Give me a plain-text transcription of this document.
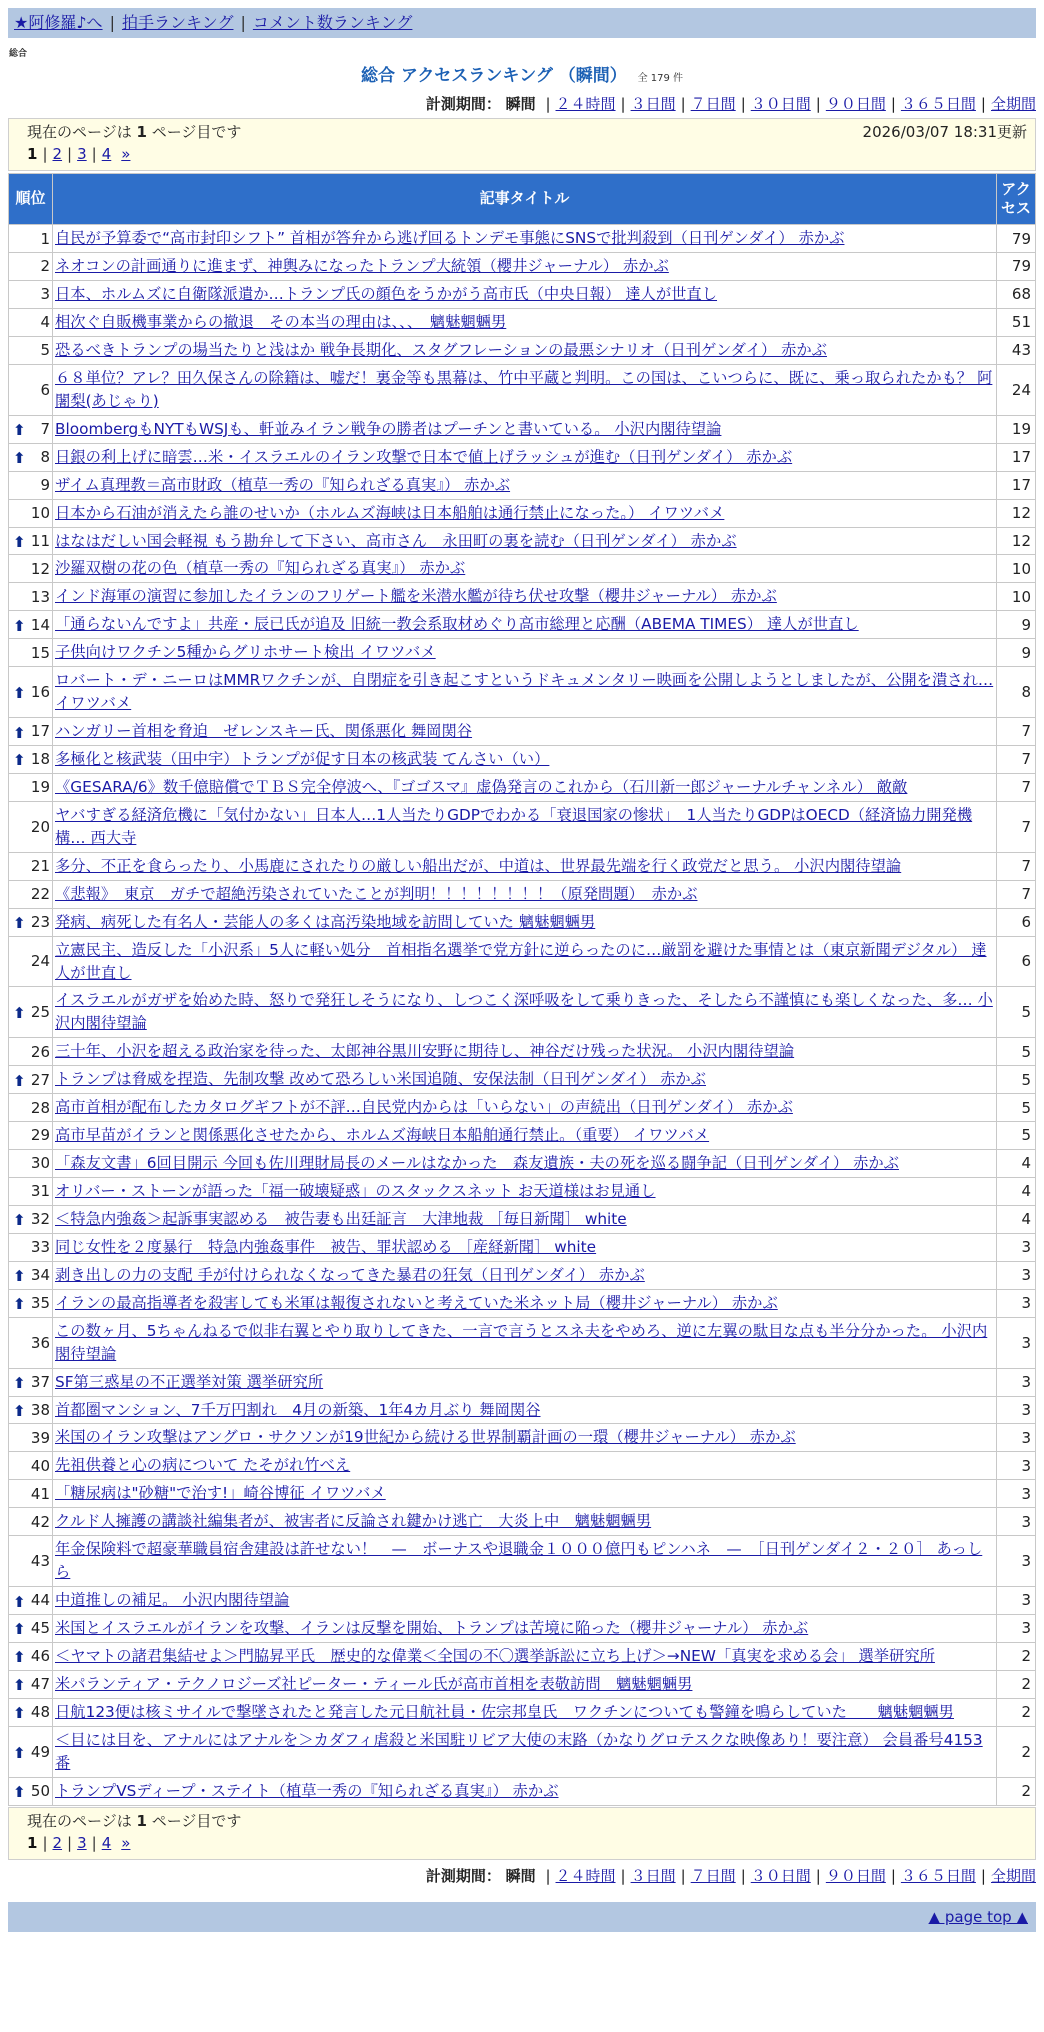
★阿修羅♪へ | 拍手ランキング | コメント数ランキング
総合
総合 アクセスランキング （瞬間） 全 179 件
計測期間： 瞬間 | ２４時間 | ３日間 | ７日間 | ３０日間 | ９０日間 | ３６５日間 | 全期間
現在のページは 1 ページ目です	2026/03/07 18:31更新
1 | 2 | 3 | 4 »
順位	記事タイトル	アクセス
1	自民が予算委で“高市封印シフト” 首相が答弁から逃げ回るトンデモ事態にSNSで批判殺到（日刊ゲンダイ） 赤かぶ	79
2	ネオコンの計画通りに進まず、神輿みになったトランプ大統領（櫻井ジャーナル） 赤かぶ	79
3	日本、ホルムズに自衛隊派遣か…トランプ氏の顔色をうかがう高市氏（中央日報） 達人が世直し	68
4	相次ぐ自販機事業からの撤退　その本当の理由は、、、　魑魅魍魎男	51
5	恐るべきトランプの場当たりと浅はか 戦争長期化、スタグフレーションの最悪シナリオ（日刊ゲンダイ） 赤かぶ	43
6	６８単位？アレ？田久保さんの除籍は、嘘だ！裏金等も黒幕は、竹中平蔵と判明。この国は、こいつらに、既に、乗っ取られたかも？ 阿闍梨(あじゃり)	24

⬆ 7	BloombergもNYTもWSJも、軒並みイラン戦争の勝者はプーチンと書いている。 小沢内閣待望論	19

⬆ 8	日銀の利上げに暗雲…米・イスラエルのイラン攻撃で日本で値上げラッシュが進む（日刊ゲンダイ） 赤かぶ	17
9	ザイム真理教＝高市財政（植草一秀の『知られざる真実』） 赤かぶ	17
10	日本から石油が消えたら誰のせいか（ホルムズ海峡は日本船舶は通行禁止になった。） イワツバメ	12

⬆ 11	はなはだしい国会軽視 もう勘弁して下さい、高市さん　永田町の裏を読む（日刊ゲンダイ） 赤かぶ	12
12	沙羅双樹の花の色（植草一秀の『知られざる真実』） 赤かぶ	10
13	インド海軍の演習に参加したイランのフリゲート艦を米潜水艦が待ち伏せ攻撃（櫻井ジャーナル） 赤かぶ	10

⬆ 14	「通らないんですよ」共産・辰已氏が追及 旧統一教会系取材めぐり高市総理と応酬（ABEMA TIMES） 達人が世直し	9
15	子供向けワクチン5種からグリホサート検出 イワツバメ	9

⬆ 16	ロバート・デ・ニーロはMMRワクチンが、自閉症を引き起こすというドキュメンタリー映画を公開しようとしましたが、公開を潰され… イワツバメ	8

⬆ 17	ハンガリー首相を脅迫　ゼレンスキー氏、関係悪化 舞岡関谷	7

⬆ 18	多極化と核武装（田中宇）トランプが促す日本の核武装 てんさい（い）	7
19	《GESARA/6》数千億賠償でＴＢＳ完全停波へ、『ゴゴスマ』虚偽発言のこれから（石川新一郎ジャーナルチャンネル） 敵敵	7
20	ヤバすぎる経済危機に「気付かない」日本人…1人当たりGDPでわかる「衰退国家の惨状」　1人当たりGDPはOECD（経済協力開発機構… 西大寺	7
21	多分、不正を食らったり、小馬鹿にされたりの厳しい船出だが、中道は、世界最先端を行く政党だと思う。 小沢内閣待望論	7
22	《悲報》　東京　ガチで超絶汚染されていたことが判明！！！！！！！！（原発問題）　赤かぶ	7

⬆ 23	発病、病死した有名人・芸能人の多くは高汚染地域を訪問していた 魑魅魍魎男	6
24	立憲民主、造反した「小沢系」5人に軽い処分　首相指名選挙で党方針に逆らったのに…厳罰を避けた事情とは（東京新聞デジタル） 達人が世直し	6

⬆ 25	イスラエルがガザを始めた時、怒りで発狂しそうになり、しつこく深呼吸をして乗りきった、そしたら不謹慎にも楽しくなった、多… 小沢内閣待望論	5
26	三十年、小沢を超える政治家を待った、太郎神谷黒川安野に期待し、神谷だけ残った状況。 小沢内閣待望論	5

⬆ 27	トランプは脅威を捏造、先制攻撃 改めて恐ろしい米国追随、安保法制（日刊ゲンダイ） 赤かぶ	5
28	高市首相が配布したカタログギフトが不評…自民党内からは「いらない」の声続出（日刊ゲンダイ） 赤かぶ	5
29	高市早苗がイランと関係悪化させたから、ホルムズ海峡日本船舶通行禁止。（重要） イワツバメ	5
30	「森友文書」6回目開示 今回も佐川理財局長のメールはなかった　森友遺族・夫の死を巡る闘争記（日刊ゲンダイ） 赤かぶ	4
31	オリバー・ストーンが語った「福一破壊疑惑」のスタックスネット お天道様はお見通し	4

⬆ 32	＜特急内強姦＞起訴事実認める　被告妻も出廷証言　大津地裁 ［毎日新聞］ white	4
33	同じ女性を２度暴行　特急内強姦事件　被告、罪状認める ［産経新聞］ white	3

⬆ 34	剥き出しの力の支配 手が付けられなくなってきた暴君の狂気（日刊ゲンダイ） 赤かぶ	3

⬆ 35	イランの最高指導者を殺害しても米軍は報復されないと考えていた米ネット局（櫻井ジャーナル） 赤かぶ	3
36	この数ヶ月、5ちゃんねるで似非右翼とやり取りしてきた、一言で言うとスネ夫をやめろ、逆に左翼の駄目な点も半分分かった。 小沢内閣待望論	3

⬆ 37	SF第三惑星の不正選挙対策 選挙研究所	3

⬆ 38	首都圏マンション、7千万円割れ　4月の新築、1年4カ月ぶり 舞岡関谷	3
39	米国のイラン攻撃はアングロ・サクソンが19世紀から続ける世界制覇計画の一環（櫻井ジャーナル） 赤かぶ	3
40	先祖供養と心の病について たそがれ竹べえ	3
41	「糖尿病は"砂糖"で治す!」崎谷博征 イワツバメ	3
42	クルド人擁護の講談社編集者が、被害者に反論され鍵かけ逃亡　大炎上中　魑魅魍魎男	3
43	年金保険料で超豪華職員宿舎建設は許せない！　—　ボーナスや退職金１０００億円もピンハネ　—　［日刊ゲンダイ２・２０］ あっしら	3

⬆ 44	中道推しの補足。 小沢内閣待望論	3

⬆ 45	米国とイスラエルがイランを攻撃、イランは反撃を開始、トランプは苦境に陥った（櫻井ジャーナル） 赤かぶ	3

⬆ 46	＜ヤマトの諸君集結せよ＞門脇昇平氏　歴史的な偉業＜全国の不〇選挙訴訟に立ち上げ＞→NEW「真実を求める会」 選挙研究所	2

⬆ 47	米パランティア・テクノロジーズ社ピーター・ティール氏が高市首相を表敬訪問　魑魅魍魎男	2

⬆ 48	日航123便は核ミサイルで撃墜されたと発言した元日航社員・佐宗邦皇氏　ワクチンについても警鐘を鳴らしていた　　魑魅魍魎男	2

⬆ 49	＜目には目を、アナルにはアナルを＞カダフィ虐殺と米国駐リビア大使の末路（かなりグロテスクな映像あり！要注意） 会員番号4153番	2

⬆ 50	トランプVSディープ・ステイト（植草一秀の『知られざる真実』） 赤かぶ	2
現在のページは 1 ページ目です
1 | 2 | 3 | 4 »
計測期間： 瞬間 | ２４時間 | ３日間 | ７日間 | ３０日間 | ９０日間 | ３６５日間 | 全期間
▲ page top ▲
